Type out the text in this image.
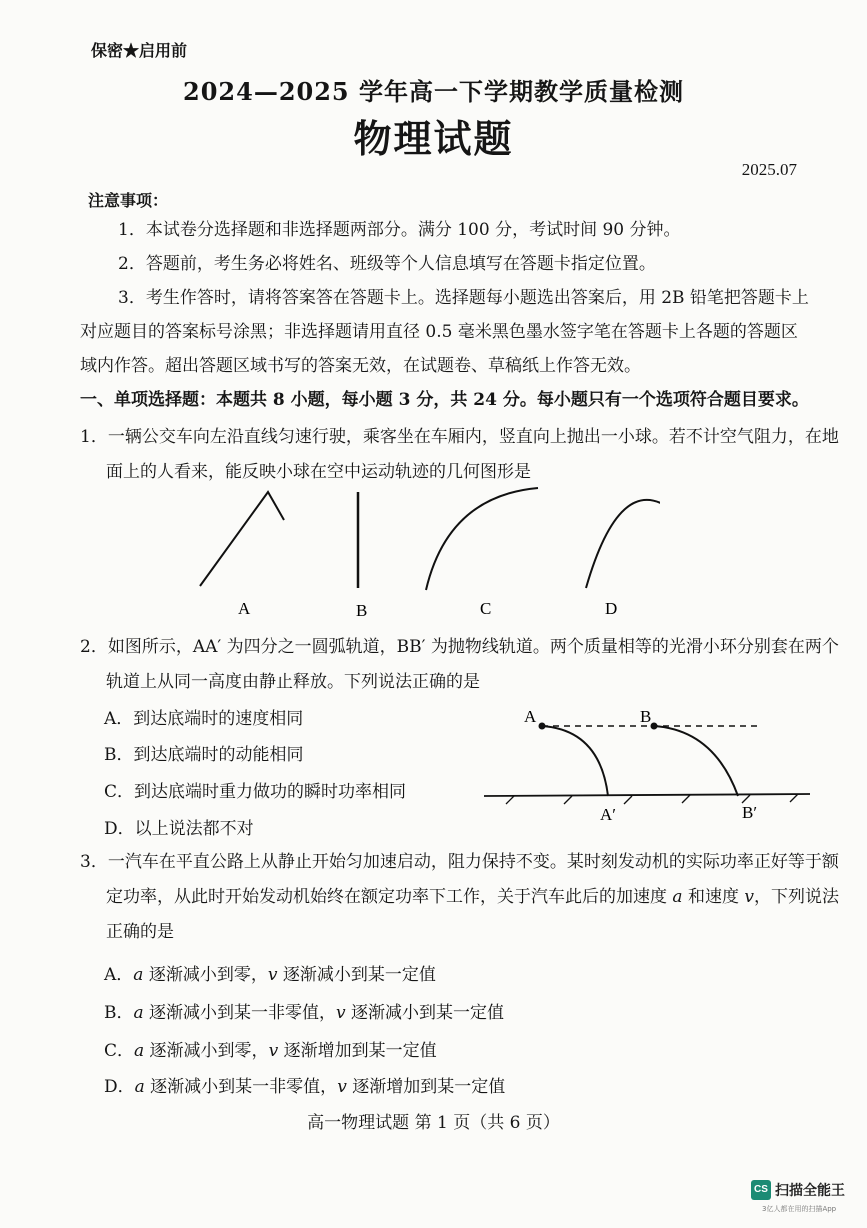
保密★启用前
2024—2025 学年高一下学期教学质量检测
物理试题
2025.07
注意事项：
1．本试卷分选择题和非选择题两部分。满分 100 分，考试时间 90 分钟。
2．答题前，考生务必将姓名、班级等个人信息填写在答题卡指定位置。
3．考生作答时，请将答案答在答题卡上。选择题每小题选出答案后，用 2B 铅笔把答题卡上对应题目的答案标号涂黑；非选择题请用直径 0.5 毫米黑色墨水签字笔在答题卡上各题的答题区域内作答。超出答题区域书写的答案无效，在试题卷、草稿纸上作答无效。
一、单项选择题：本题共 8 小题，每小题 3 分，共 24 分。每小题只有一个选项符合题目要求。
1．一辆公交车向左沿直线匀速行驶，乘客坐在车厢内，竖直向上抛出一小球。若不计空气阻力，在地面上的人看来，能反映小球在空中运动轨迹的几何图形是
A	B	C	D
2．如图所示，AA′ 为四分之一圆弧轨道，BB′ 为抛物线轨道。两个质量相等的光滑小环分别套在两个轨道上从同一高度由静止释放。下列说法正确的是
A．到达底端时的速度相同
B．到达底端时的动能相同
C．到达底端时重力做功的瞬时功率相同
D．以上说法都不对
A	B
A′	B′
3．一汽车在平直公路上从静止开始匀加速启动，阻力保持不变。某时刻发动机的实际功率正好等于额定功率，从此时开始发动机始终在额定功率下工作，关于汽车此后的加速度 a 和速度 v，下列说法正确的是
A．a 逐渐减小到零，v 逐渐减小到某一定值
B．a 逐渐减小到某一非零值，v 逐渐减小到某一定值
C．a 逐渐减小到零，v 逐渐增加到某一定值
D．a 逐渐减小到某一非零值，v 逐渐增加到某一定值
高一物理试题 第 1 页（共 6 页）
CS 扫描全能王
3亿人都在用的扫描App
